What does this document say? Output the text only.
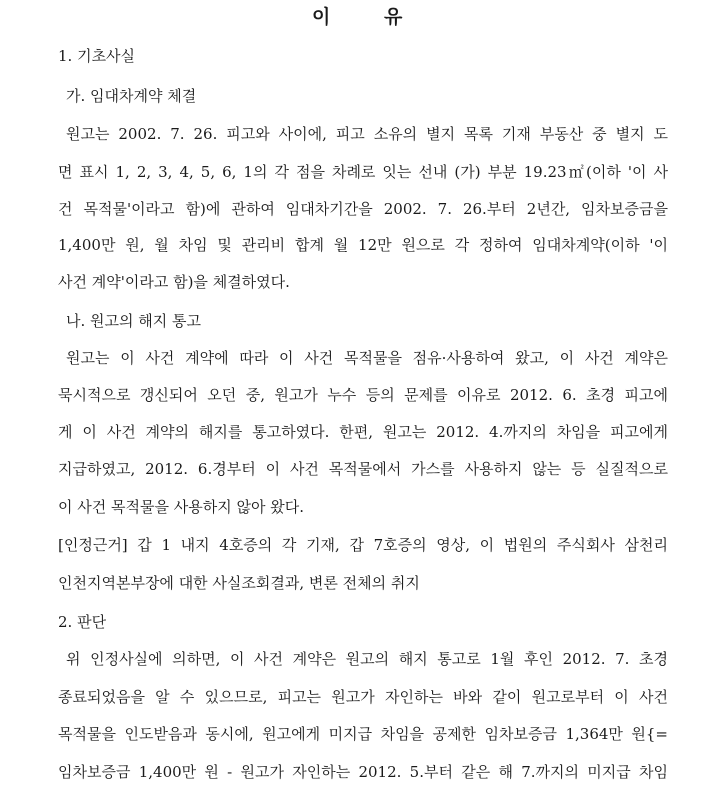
이	유
1. 기초사실
가. 임대차계약 체결
원고는 2002. 7. 26. 피고와 사이에, 피고 소유의 별지 목록 기재 부동산 중 별지 도
면 표시 1, 2, 3, 4, 5, 6, 1의 각 점을 차례로 잇는 선내 (가) 부분 19.23㎡(이하 '이 사
건 목적물'이라고 함)에 관하여 임대차기간을 2002. 7. 26.부터 2년간, 임차보증금을
1,400만 원, 월 차임 및 관리비 합계 월 12만 원으로 각 정하여 임대차계약(이하 '이
사건 계약'이라고 함)을 체결하였다.
나. 원고의 해지 통고
원고는 이 사건 계약에 따라 이 사건 목적물을 점유·사용하여 왔고, 이 사건 계약은
묵시적으로 갱신되어 오던 중, 원고가 누수 등의 문제를 이유로 2012. 6. 초경 피고에
게 이 사건 계약의 해지를 통고하였다. 한편, 원고는 2012. 4.까지의 차임을 피고에게
지급하였고, 2012. 6.경부터 이 사건 목적물에서 가스를 사용하지 않는 등 실질적으로
이 사건 목적물을 사용하지 않아 왔다.
[인정근거] 갑 1 내지 4호증의 각 기재, 갑 7호증의 영상, 이 법원의 주식회사 삼천리
인천지역본부장에 대한 사실조회결과, 변론 전체의 취지
2. 판단
위 인정사실에 의하면, 이 사건 계약은 원고의 해지 통고로 1월 후인 2012. 7. 초경
종료되었음을 알 수 있으므로, 피고는 원고가 자인하는 바와 같이 원고로부터 이 사건
목적물을 인도받음과 동시에, 원고에게 미지급 차임을 공제한 임차보증금 1,364만 원{=
임차보증금 1,400만 원 - 원고가 자인하는 2012. 5.부터 같은 해 7.까지의 미지급 차임
